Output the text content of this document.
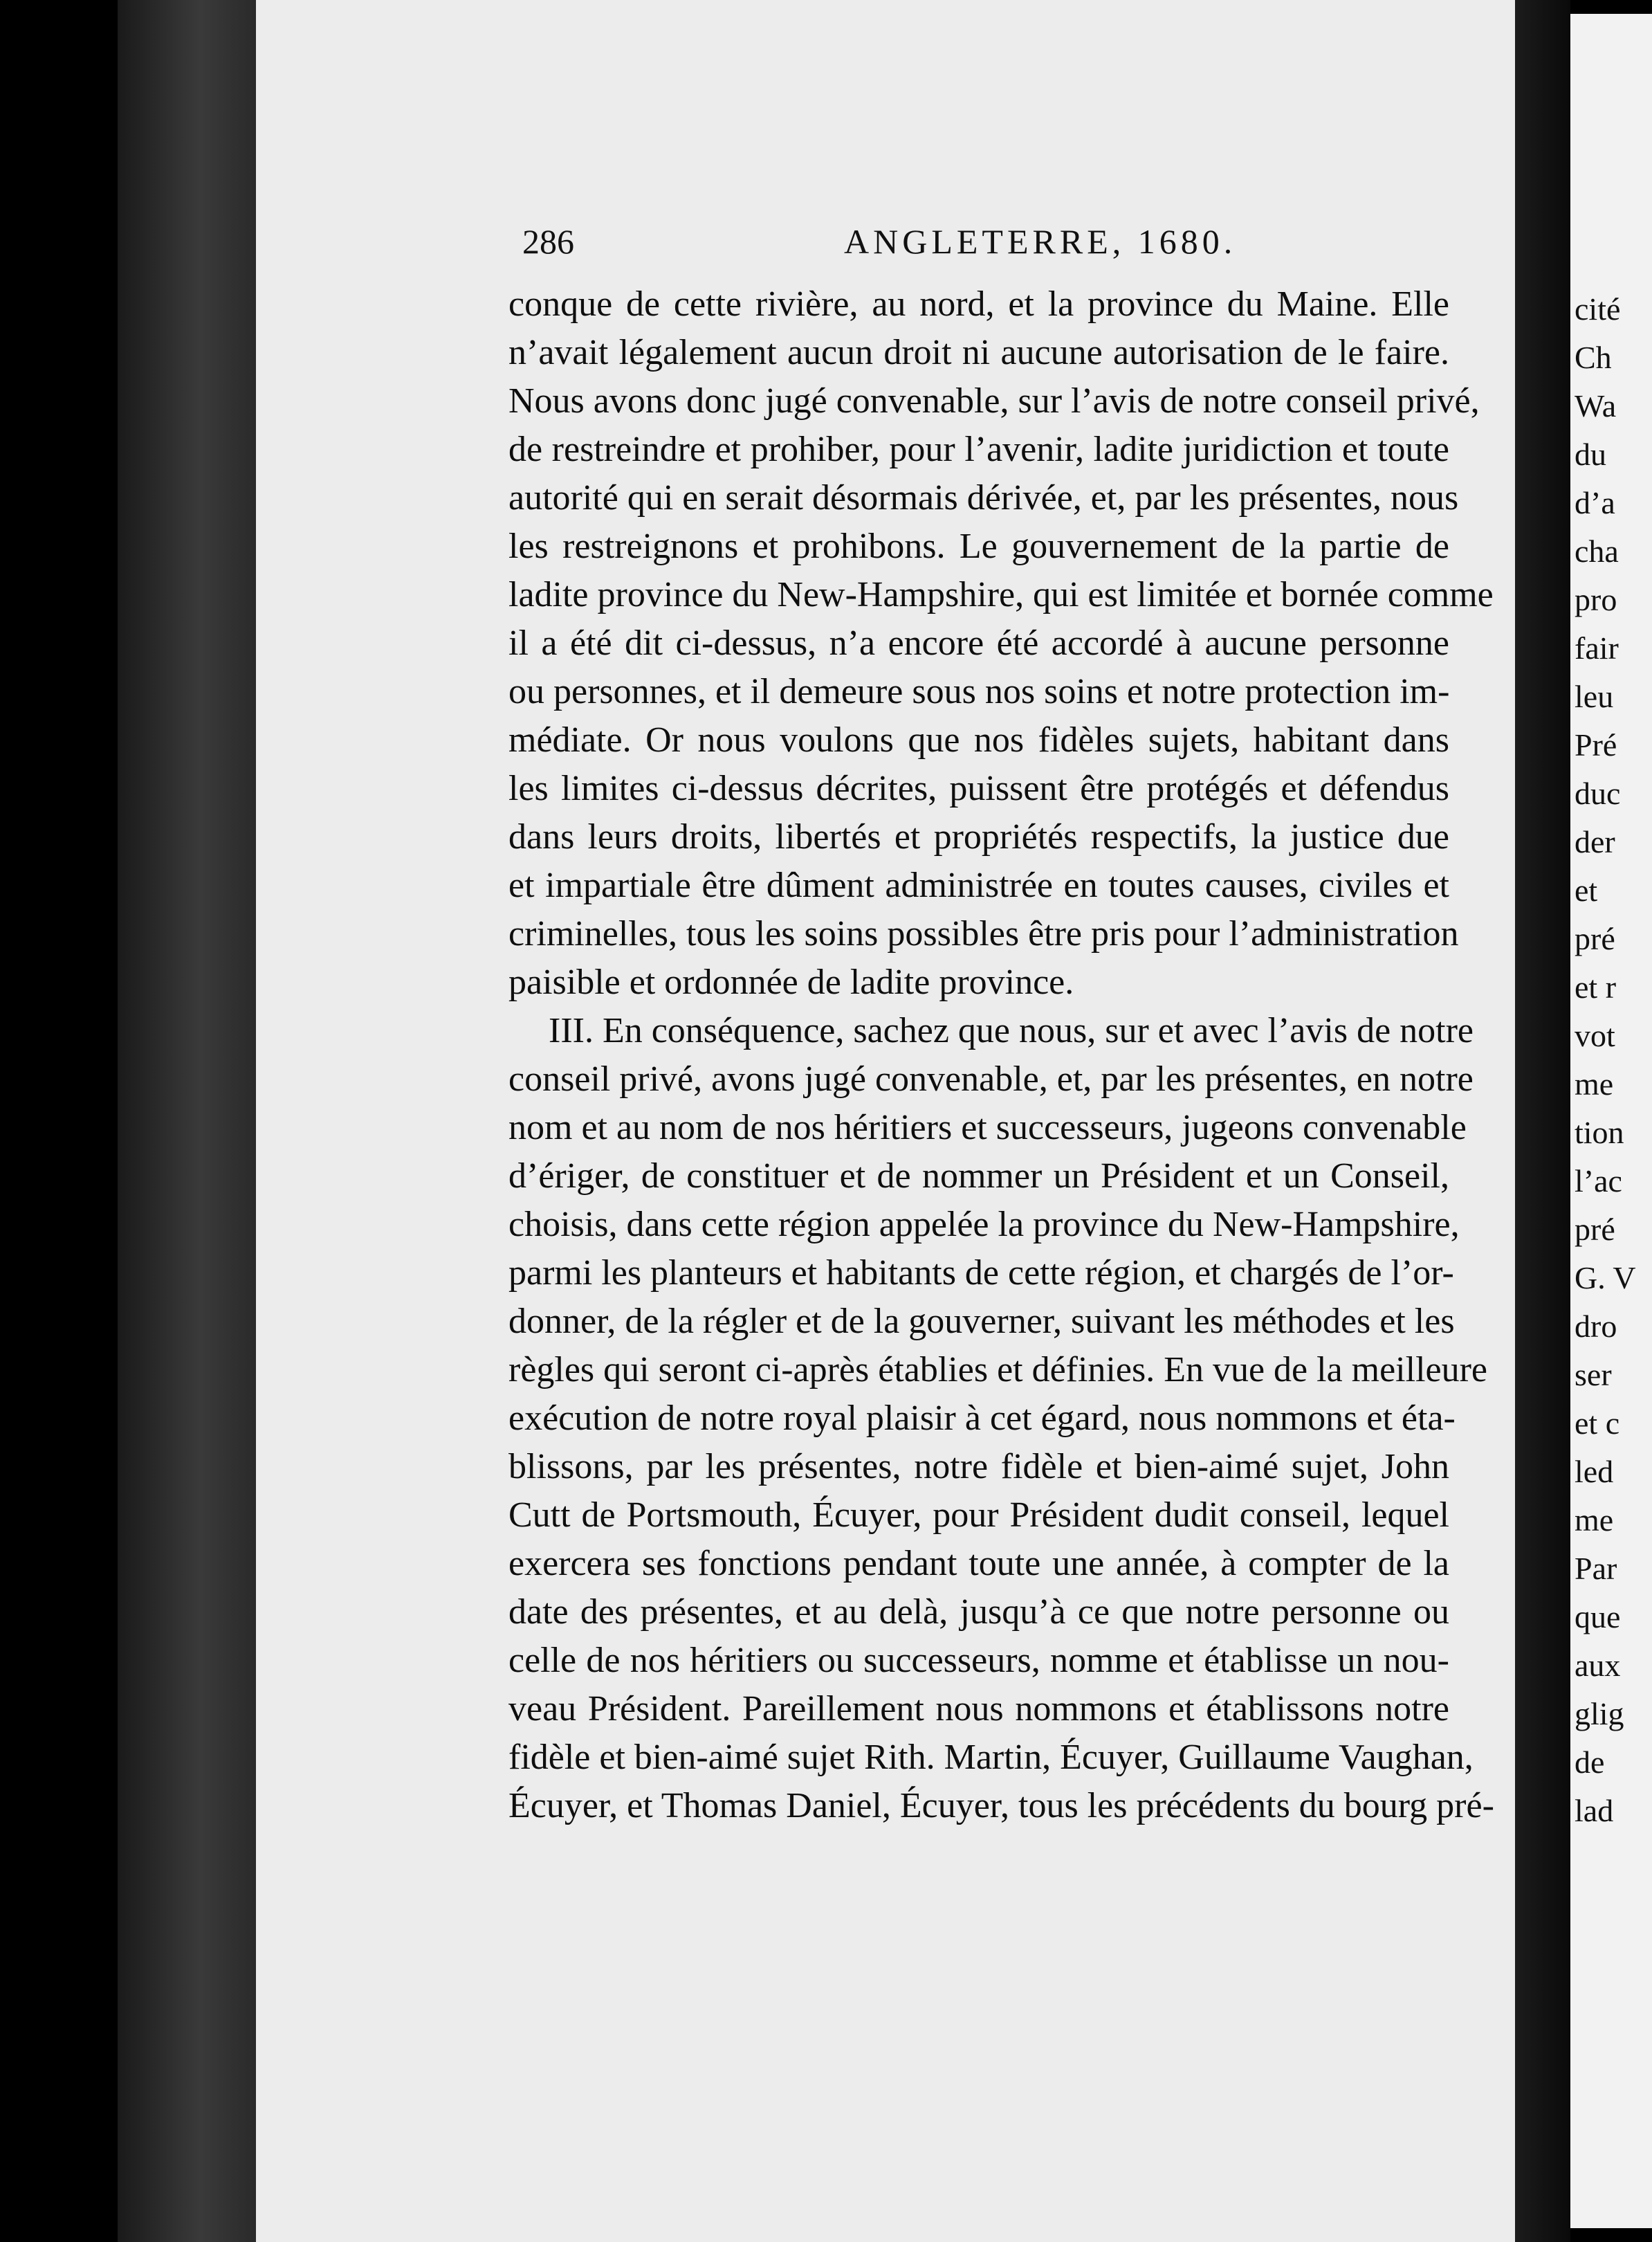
cité
Ch
Wa
du
d’a
cha
pro
fair
leu
Pré
duc
der
et
pré
et r
vot
me
tion
l’ac
pré
G. V
dro
ser
et c
led
me
Par
que
aux
glig
de
lad
286	ANGLETERRE, 1680.
conque de cette rivière, au nord, et la province du Maine. Elle
n’avait légalement aucun droit ni aucune autorisation de le faire.
Nous avons donc jugé convenable, sur l’avis de notre conseil privé,
de restreindre et prohiber, pour l’avenir, ladite juridiction et toute
autorité qui en serait désormais dérivée, et, par les présentes, nous
les restreignons et prohibons. Le gouvernement de la partie de
ladite province du New-Hampshire, qui est limitée et bornée comme
il a été dit ci-dessus, n’a encore été accordé à aucune personne
ou personnes, et il demeure sous nos soins et notre protection im-
médiate. Or nous voulons que nos fidèles sujets, habitant dans
les limites ci-dessus décrites, puissent être protégés et défendus
dans leurs droits, libertés et propriétés respectifs, la justice due
et impartiale être dûment administrée en toutes causes, civiles et
criminelles, tous les soins possibles être pris pour l’administration
paisible et ordonnée de ladite province.
III. En conséquence, sachez que nous, sur et avec l’avis de notre
conseil privé, avons jugé convenable, et, par les présentes, en notre
nom et au nom de nos héritiers et successeurs, jugeons convenable
d’ériger, de constituer et de nommer un Président et un Conseil,
choisis, dans cette région appelée la province du New-Hampshire,
parmi les planteurs et habitants de cette région, et chargés de l’or-
donner, de la régler et de la gouverner, suivant les méthodes et les
règles qui seront ci-après établies et définies. En vue de la meilleure
exécution de notre royal plaisir à cet égard, nous nommons et éta-
blissons, par les présentes, notre fidèle et bien-aimé sujet, John
Cutt de Portsmouth, Écuyer, pour Président dudit conseil, lequel
exercera ses fonctions pendant toute une année, à compter de la
date des présentes, et au delà, jusqu’à ce que notre personne ou
celle de nos héritiers ou successeurs, nomme et établisse un nou-
veau Président. Pareillement nous nommons et établissons notre
fidèle et bien-aimé sujet Rith. Martin, Écuyer, Guillaume Vaughan,
Écuyer, et Thomas Daniel, Écuyer, tous les précédents du bourg pré-
